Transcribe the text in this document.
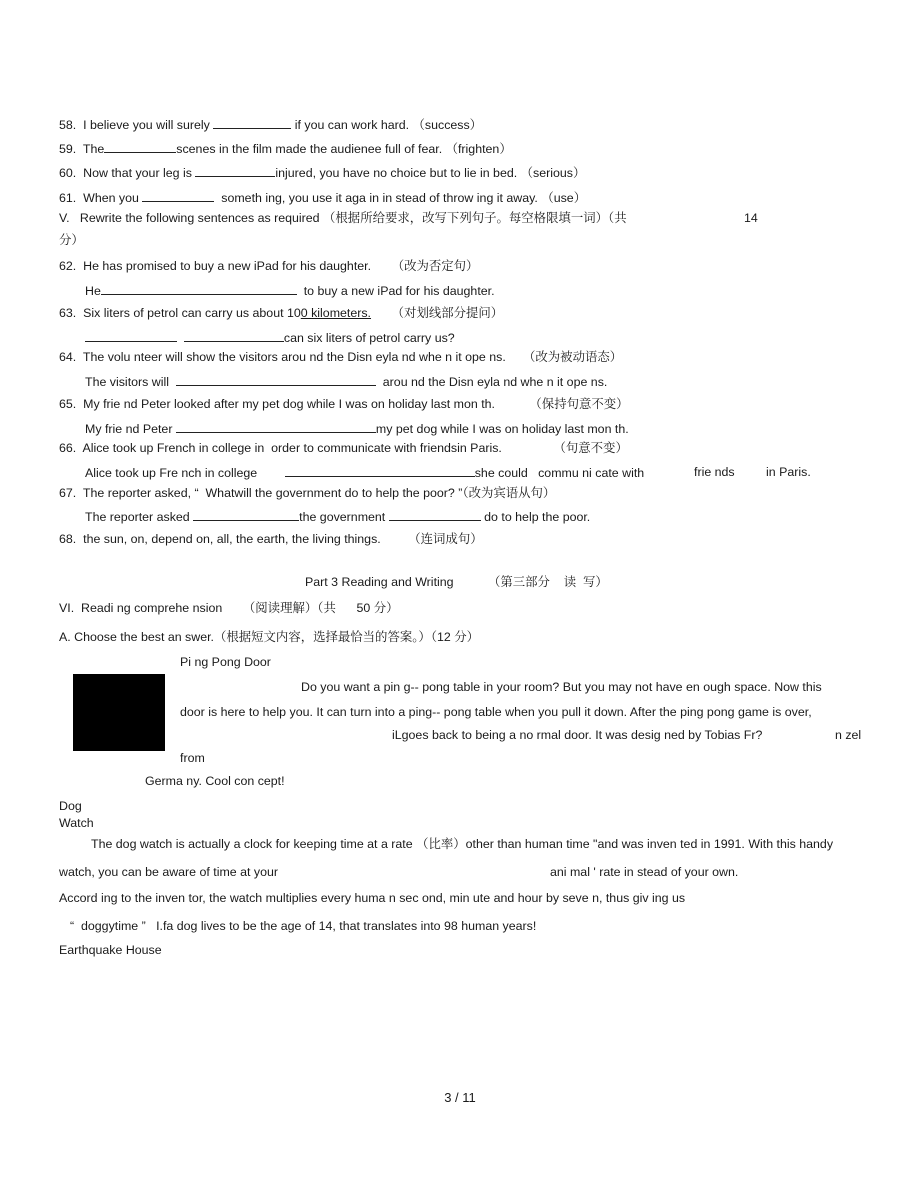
58. I believe you will surely	if you can work hard. （success）
59. The	scenes in the film made the audienee full of fear. （frighten）
60. Now that your leg is	injured, you have no choice but to lie in bed. （serious）
61. When you	someth ing, you use it aga in in stead of throw ing it away. （use）
V.   Rewrite the following sentences as required （根据所给要求，改写下列句子。每空格限填一词）（共	14
分）
62. He has promised to buy a new iPad for his daughter. （改为否定句）
He	to buy a new iPad for his daughter.
63. Six liters of petrol can carry us about 100 kilometers. （对划线部分提问）
can six liters of petrol carry us?
64. The volu nteer will show the visitors arou nd the Disn eyla nd whe n it ope ns. （改为被动语态）
The visitors will	arou nd the Disn eyla nd whe n it ope ns.
65. My frie nd Peter looked after my pet dog while I was on holiday last mon th.	（保持句意不变）
My frie nd Peter	my pet dog while I was on holiday last mon th.
66. Alice took up French in college in  order to communicate with friendsin Paris.	（句意不变）
Alice took up Fre nch in college	she could   commu ni cate with	frie nds	in Paris.
67. The reporter asked, “  Whatwill the government do to help the poor? ”（改为宾语从句）
The reporter asked	the government	do to help the poor.
68. the sun, on, depend on, all, the earth, the living things. （连词成句）
Part 3 Reading and Writing	（第三部分    读  写）
VI.  Readi ng comprehe nsion （阅读理解）（共 50 分）
A. Choose the best an swer.（根据短文内容，选择最恰当的答案。）（12 分）
Pi ng Pong Door
Do you want a pin g-- pong table in your room? But you may not have en ough space. Now this
door is here to help you. It can turn into a ping-- pong table when you pull it down. After the ping pong game is over,
iLgoes back to being a no rmal door. It was desig ned by Tobias Fr?	n zel
from
Germa ny. Cool con cept!
Dog
Watch
The dog watch is actually a clock for keeping time at a rate （比率）other than human time "and was inven ted in 1991. With this handy
watch, you can be aware of time at your	ani mal ' rate in stead of your own.
Accord ing to the inven tor, the watch multiplies every huma n sec ond, min ute and hour by seve n, thus giv ing us
“  doggytime ”   I.fa dog lives to be the age of 14, that translates into 98 human years!
Earthquake House
3 / 11
